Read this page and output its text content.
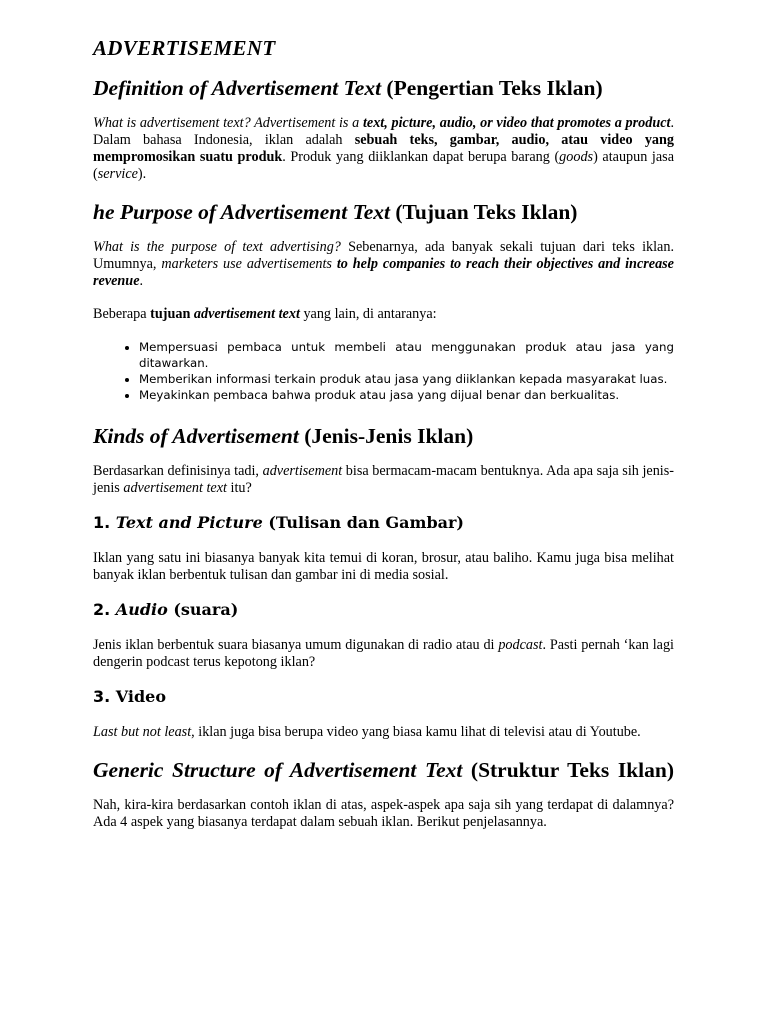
ADVERTISEMENT
Definition of Advertisement Text (Pengertian Teks Iklan)

What is advertisement text? Advertisement is a text, picture, audio, or video that promotes a product. Dalam bahasa Indonesia, iklan adalah sebuah teks, gambar, audio, atau video yang mempromosikan suatu produk. Produk yang diiklankan dapat berupa barang (goods) ataupun jasa (service).

he Purpose of Advertisement Text (Tujuan Teks Iklan)

What is the purpose of text advertising? Sebenarnya, ada banyak sekali tujuan dari teks iklan. Umumnya, marketers use advertisements to help companies to reach their objectives and increase revenue.

Beberapa tujuan advertisement text yang lain, di antaranya:

• Mempersuasi pembaca untuk membeli atau menggunakan produk atau jasa yang ditawarkan.
• Memberikan informasi terkain produk atau jasa yang diiklankan kepada masyarakat luas.
• Meyakinkan pembaca bahwa produk atau jasa yang dijual benar dan berkualitas.
Kinds of Advertisement (Jenis-Jenis Iklan)

Berdasarkan definisinya tadi, advertisement bisa bermacam-macam bentuknya. Ada apa saja sih jenis-jenis advertisement text itu?

1. Text and Picture (Tulisan dan Gambar)

Iklan yang satu ini biasanya banyak kita temui di koran, brosur, atau baliho. Kamu juga bisa melihat banyak iklan berbentuk tulisan dan gambar ini di media sosial.

2. Audio (suara)

Jenis iklan berbentuk suara biasanya umum digunakan di radio atau di podcast. Pasti pernah ‘kan lagi dengerin podcast terus kepotong iklan?

3. Video

Last but not least, iklan juga bisa berupa video yang biasa kamu lihat di televisi atau di Youtube.

Generic Structure of Advertisement Text (Struktur Teks Iklan)

Nah, kira-kira berdasarkan contoh iklan di atas, aspek-aspek apa saja sih yang terdapat di dalamnya? Ada 4 aspek yang biasanya terdapat dalam sebuah iklan. Berikut penjelasannya.
